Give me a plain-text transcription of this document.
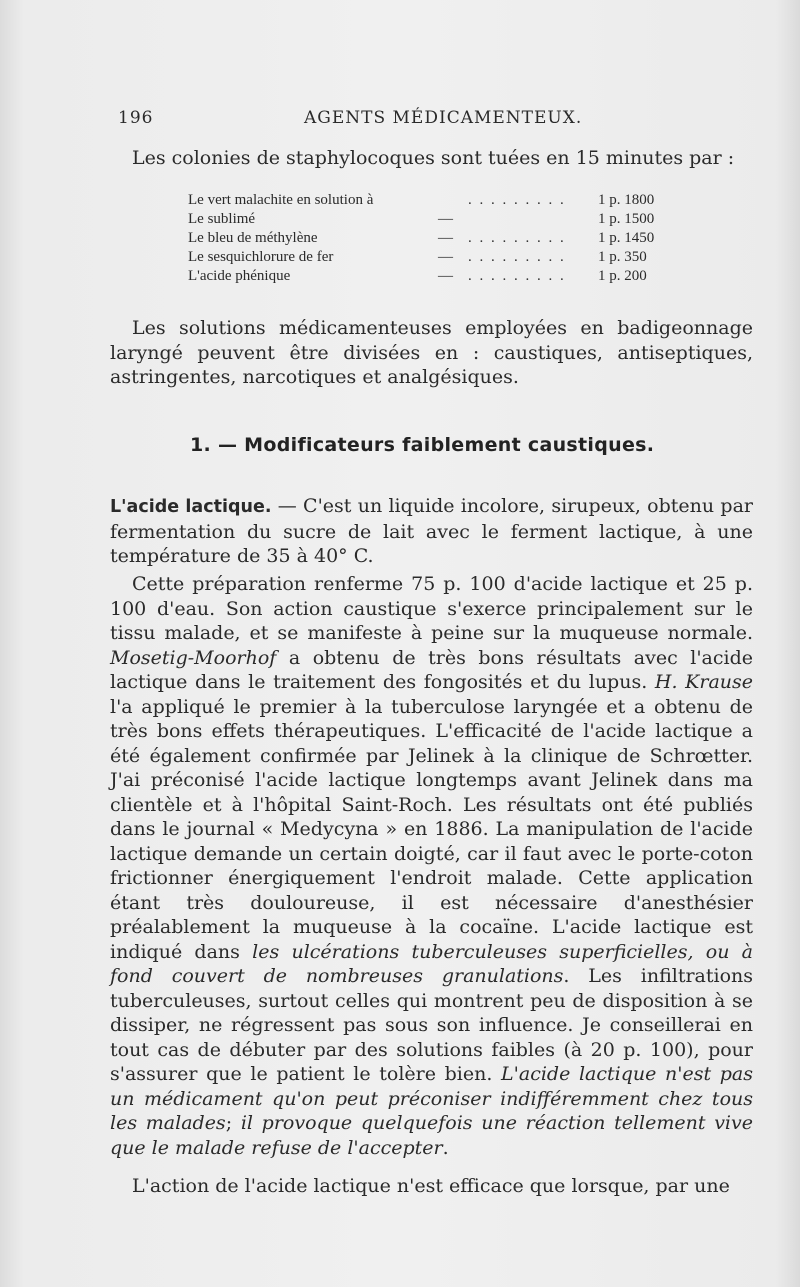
196	AGENTS MÉDICAMENTEUX.

Les colonies de staphylocoques sont tuées en 15 minutes par :

Le vert malachite en solution à		. . . . . . . . .	1 p. 1800
Le sublimé	—		1 p. 1500
Le bleu de méthylène	—	. . . . . . . . .	1 p. 1450
Le sesquichlorure de fer	—	. . . . . . . . .	1 p. 350
L'acide phénique	—	. . . . . . . . .	1 p. 200

Les solutions médicamenteuses employées en badigeonnage laryngé peuvent être divisées en : caustiques, antiseptiques, astringentes, narcotiques et analgésiques.

1. — Modificateurs faiblement caustiques.

L'acide lactique. — C'est un liquide incolore, sirupeux, obtenu par fermentation du sucre de lait avec le ferment lactique, à une température de 35 à 40° C.

Cette préparation renferme 75 p. 100 d'acide lactique et 25 p. 100 d'eau. Son action caustique s'exerce principalement sur le tissu malade, et se manifeste à peine sur la muqueuse normale. Mosetig-Moorhof a obtenu de très bons résultats avec l'acide lactique dans le traitement des fongosités et du lupus. H. Krause l'a appliqué le premier à la tuberculose laryngée et a obtenu de très bons effets thérapeutiques. L'efficacité de l'acide lactique a été également confirmée par Jelinek à la clinique de Schrœtter. J'ai préconisé l'acide lactique longtemps avant Jelinek dans ma clientèle et à l'hôpital Saint-Roch. Les résultats ont été publiés dans le journal « Medycyna » en 1886. La manipulation de l'acide lactique demande un certain doigté, car il faut avec le porte-coton frictionner énergiquement l'endroit malade. Cette application étant très douloureuse, il est nécessaire d'anesthésier préalablement la muqueuse à la cocaïne. L'acide lactique est indiqué dans les ulcérations tuberculeuses superficielles, ou à fond couvert de nombreuses granulations. Les infiltrations tuberculeuses, surtout celles qui montrent peu de disposition à se dissiper, ne régressent pas sous son influence. Je conseillerai en tout cas de débuter par des solutions faibles (à 20 p. 100), pour s'assurer que le patient le tolère bien. L'acide lactique n'est pas un médicament qu'on peut préconiser indifféremment chez tous les malades; il provoque quelquefois une réaction tellement vive que le malade refuse de l'accepter.

L'action de l'acide lactique n'est efficace que lorsque, par une
